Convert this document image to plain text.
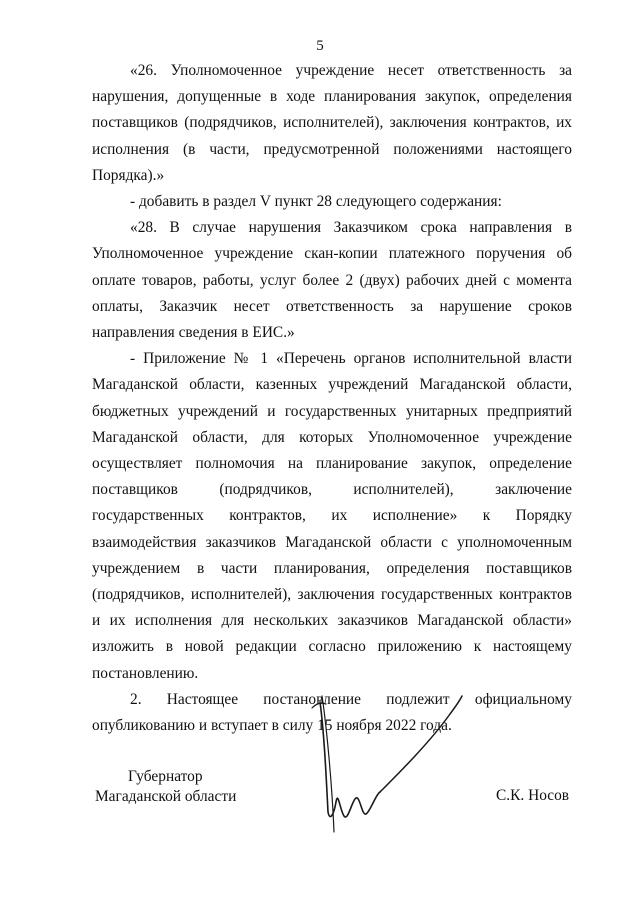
5

«26. Уполномоченное учреждение несет ответственность за нарушения, допущенные в ходе планирования закупок, определения поставщиков (подрядчиков, исполнителей), заключения контрактов, их исполнения (в части, предусмотренной положениями настоящего Порядка).»

- добавить в раздел V пункт 28 следующего содержания:

«28. В случае нарушения Заказчиком срока направления в Уполномоченное учреждение скан-копии платежного поручения об оплате товаров, работы, услуг более 2 (двух) рабочих дней с момента оплаты, Заказчик несет ответственность за нарушение сроков направления сведения в ЕИС.»

- Приложение № 1 «Перечень органов исполнительной власти Магаданской области, казенных учреждений Магаданской области, бюджетных учреждений и государственных унитарных предприятий Магаданской области, для которых Уполномоченное учреждение осуществляет полномочия на планирование закупок, определение поставщиков (подрядчиков, исполнителей), заключение государственных контрактов, их исполнение» к Порядку взаимодействия заказчиков Магаданской области с уполномоченным учреждением в части планирования, определения поставщиков (подрядчиков, исполнителей), заключения государственных контрактов и их исполнения для нескольких заказчиков Магаданской области» изложить в новой редакции согласно приложению к настоящему постановлению.

2. Настоящее постановление подлежит официальному опубликованию и вступает в силу 15 ноября 2022 года.

Губернатор
Магаданской области	С.К. Носов
